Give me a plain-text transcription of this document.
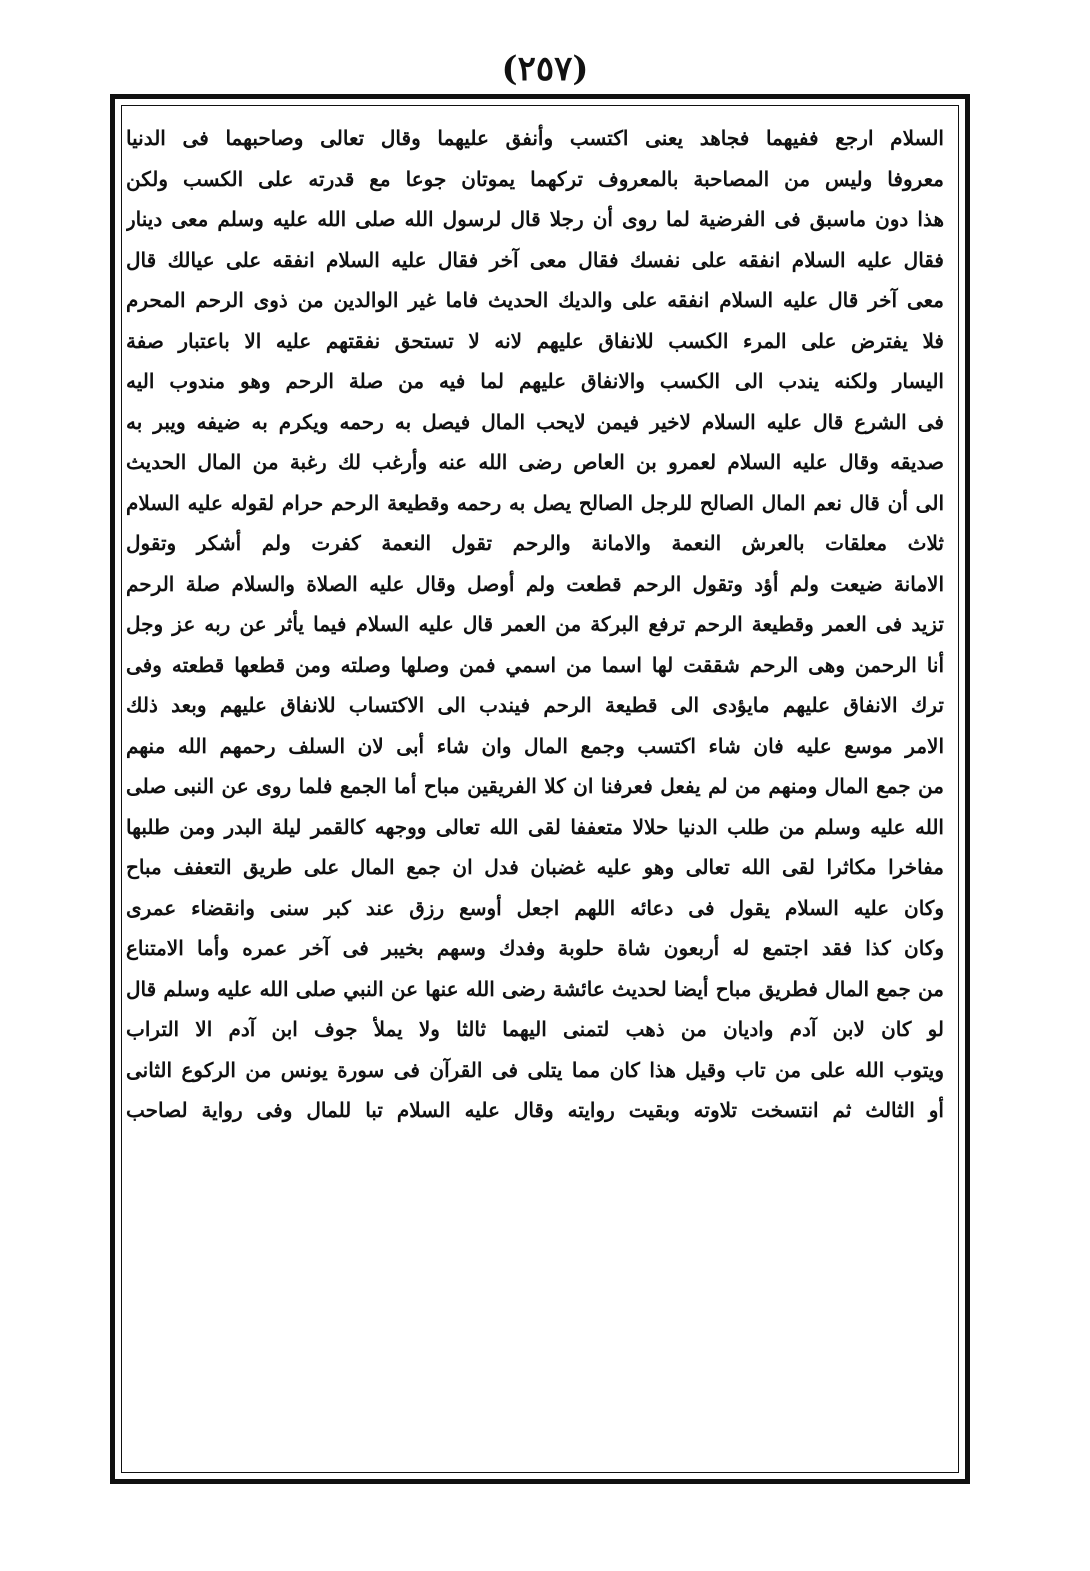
(٢٥٧)
السلام ارجع ففيهما فجاهد يعنى اكتسب وأنفق عليهما وقال تعالى وصاحبهما فى الدنيا
معروفا وليس من المصاحبة بالمعروف تركهما يموتان جوعا مع قدرته على الكسب ولكن
هذا دون ماسبق فى الفرضية لما روى أن رجلا قال لرسول الله صلى الله عليه وسلم معى دينار
فقال عليه السلام انفقه على نفسك فقال معى آخر فقال عليه السلام انفقه على عيالك قال
معى آخر قال عليه السلام انفقه على والديك الحديث فاما غير الوالدين من ذوى الرحم المحرم
فلا يفترض على المرء الكسب للانفاق عليهم لانه لا تستحق نفقتهم عليه الا باعتبار صفة
اليسار ولكنه يندب الى الكسب والانفاق عليهم لما فيه من صلة الرحم وهو مندوب اليه
فى الشرع قال عليه السلام لاخير فيمن لايحب المال فيصل به رحمه ويكرم به ضيفه ويبر به
صديقه وقال عليه السلام لعمرو بن العاص رضى الله عنه وأرغب لك رغبة من المال الحديث
الى أن قال نعم المال الصالح للرجل الصالح يصل به رحمه وقطيعة الرحم حرام لقوله عليه السلام
ثلاث معلقات بالعرش النعمة والامانة والرحم تقول النعمة كفرت ولم أشكر وتقول
الامانة ضيعت ولم أؤد وتقول الرحم قطعت ولم أوصل وقال عليه الصلاة والسلام صلة الرحم
تزيد فى العمر وقطيعة الرحم ترفع البركة من العمر قال عليه السلام فيما يأثر عن ربه عز وجل
أنا الرحمن وهى الرحم شققت لها اسما من اسمي فمن وصلها وصلته ومن قطعها قطعته وفى
ترك الانفاق عليهم مايؤدى الى قطيعة الرحم فيندب الى الاكتساب للانفاق عليهم وبعد ذلك
الامر موسع عليه فان شاء اكتسب وجمع المال وان شاء أبى لان السلف رحمهم الله منهم
من جمع المال ومنهم من لم يفعل فعرفنا ان كلا الفريقين مباح أما الجمع فلما روى عن النبى صلى
الله عليه وسلم من طلب الدنيا حلالا متعففا لقى الله تعالى ووجهه كالقمر ليلة البدر ومن طلبها
مفاخرا مكاثرا لقى الله تعالى وهو عليه غضبان فدل ان جمع المال على طريق التعفف مباح
وكان عليه السلام يقول فى دعائه اللهم اجعل أوسع رزق عند كبر سنى وانقضاء عمرى
وكان كذا فقد اجتمع له أربعون شاة حلوبة وفدك وسهم بخيبر فى آخر عمره وأما الامتناع
من جمع المال فطريق مباح أيضا لحديث عائشة رضى الله عنها عن النبي صلى الله عليه وسلم قال
لو كان لابن آدم واديان من ذهب لتمنى اليهما ثالثا ولا يملأ جوف ابن آدم الا التراب
ويتوب الله على من تاب وقيل هذا كان مما يتلى فى القرآن فى سورة يونس من الركوع الثانى
أو الثالث ثم انتسخت تلاوته وبقيت روايته وقال عليه السلام تبا للمال وفى رواية لصاحب
